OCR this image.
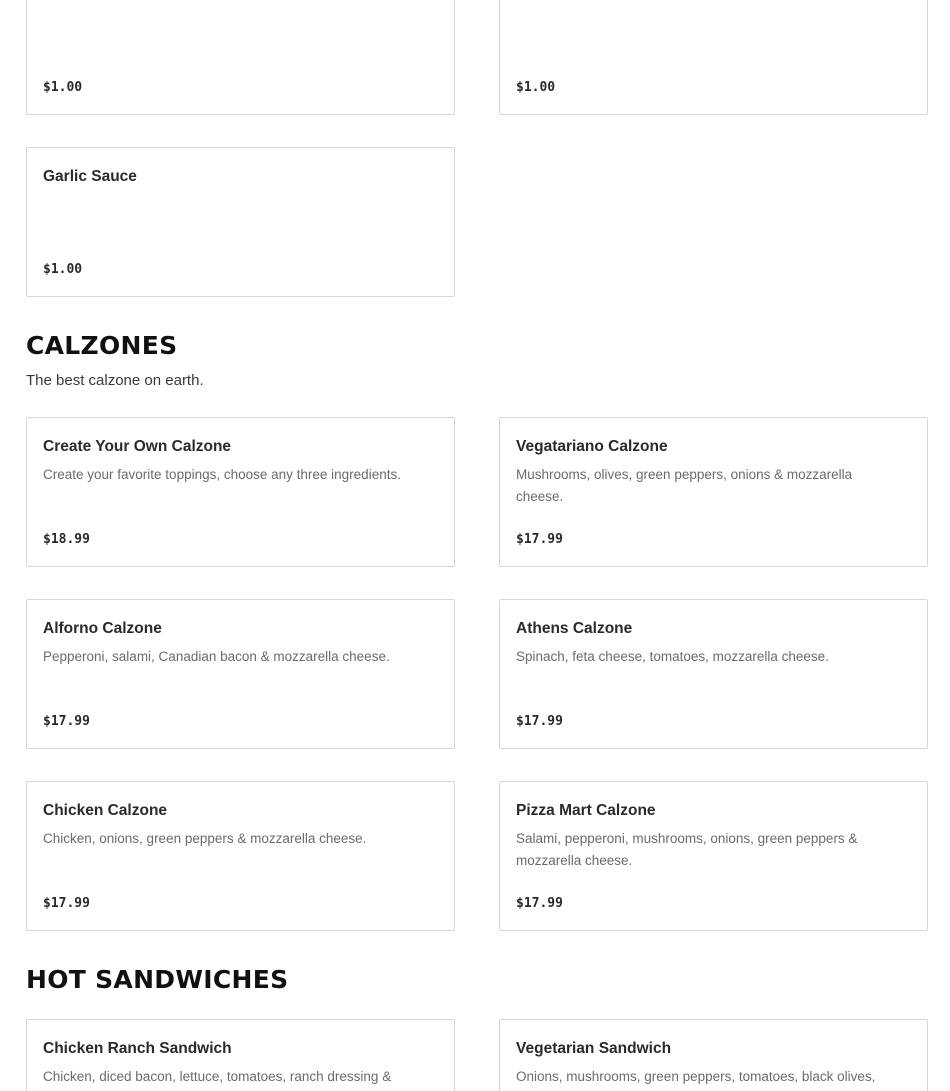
$1.00	$1.00
Garlic Sauce
$1.00
CALZONES

The best calzone on earth.

Create Your Own Calzone
Create your favorite toppings, choose any three ingredients.
$18.99
Vegatariano Calzone
Mushrooms, olives, green peppers, onions & mozzarella cheese.
$17.99
Alforno Calzone
Pepperoni, salami, Canadian bacon & mozzarella cheese.
$17.99
Athens Calzone
Spinach, feta cheese, tomatoes, mozzarella cheese.
$17.99
Chicken Calzone
Chicken, onions, green peppers & mozzarella cheese.
$17.99
Pizza Mart Calzone
Salami, pepperoni, mushrooms, onions, green peppers & mozzarella cheese.
$17.99
HOT SANDWICHES
Chicken Ranch Sandwich
Chicken, diced bacon, lettuce, tomatoes, ranch dressing &
Vegetarian Sandwich
Onions, mushrooms, green peppers, tomatoes, black olives,
